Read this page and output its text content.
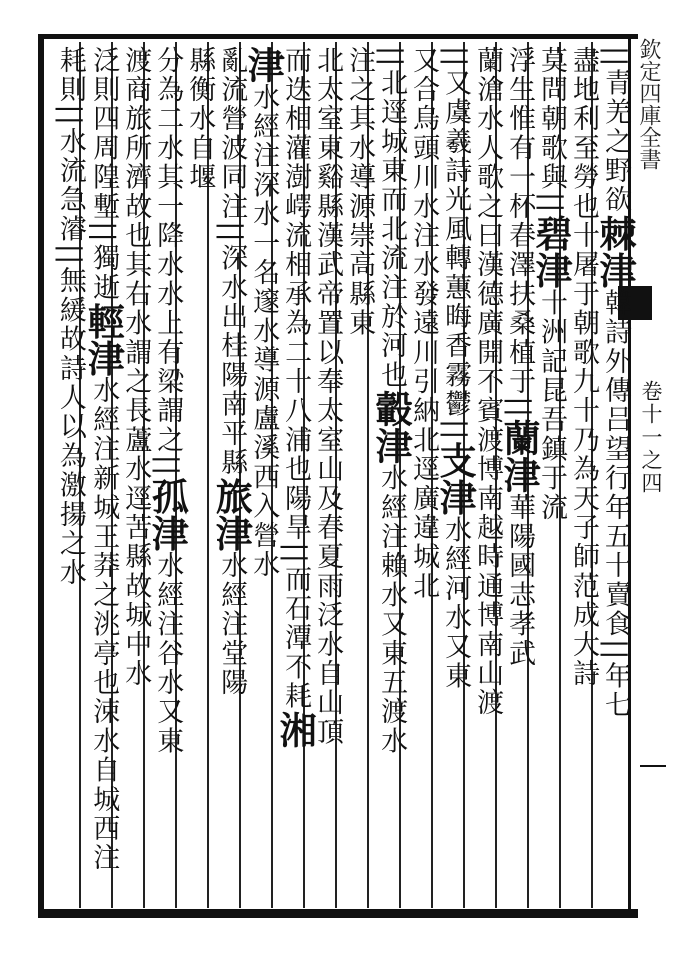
欽定四庫全書
卷十一之四
||青羌之野欲棘津韓詩外傳吕望行年五十賣食||年七
盡地利至勞也十屠于朝歌九十乃為天子師范成大詩
莫問朝歌與||碧津十洲記昆吾鎮于流
浮生惟有一杯春澤扶桑植于||蘭津華陽國志孝武
蘭滄水人歌之曰漢德廣開不賓渡博南越時通博南山渡
||又虞羲詩光風轉蕙晦香霧鬱||支津水經河水又東
又合烏頭川水注水發遠川引納北逕廣違城北
||北逕城東而北流注於河也轂津水經注賴水又東五渡水
注之其水導源崇高縣東
北太室東谿縣漢武帝置以奉太室山及春夏雨泛水自山頂
而迭相灌澍崿流相承為二十八浦也陽旱||而石潭不耗湘
津水經注深水一名邃水導源盧溪西入營水
亂流營波同注||深水出桂陽南平縣旅津水經注堂陽
縣衡水自堰
分為二水其一降水水上有梁謂之||孤津水經注谷水又東
渡商旅所濟故也其右水謂之長蘆水逕苦縣故城中水
泛則四周隍塹||獨逝輕津水經注新城王莽之洮亭也涑水自城西注
耗則||水流急濬||無緩故詩人以為激揚之水
